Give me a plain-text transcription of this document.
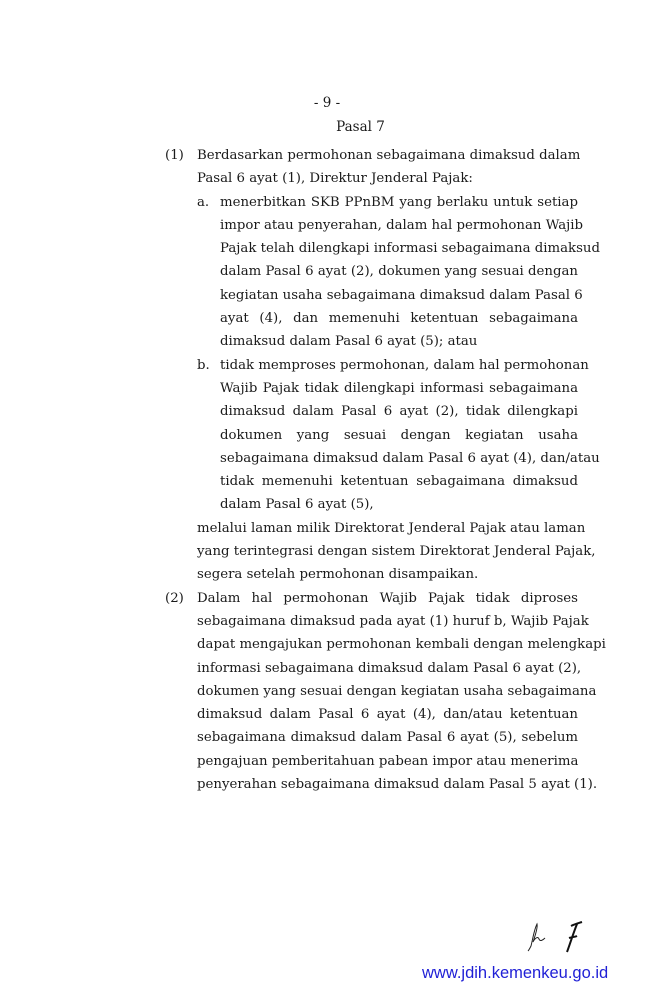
- 9 -
Pasal 7
(1) Berdasarkan permohonan sebagaimana dimaksud dalam
Pasal 6 ayat (1), Direktur Jenderal Pajak:
a. menerbitkan SKB PPnBM yang berlaku untuk setiap
impor atau penyerahan, dalam hal permohonan Wajib
Pajak telah dilengkapi informasi sebagaimana dimaksud
dalam Pasal 6 ayat (2), dokumen yang sesuai dengan
kegiatan usaha sebagaimana dimaksud dalam Pasal 6
ayat (4), dan memenuhi ketentuan sebagaimana
dimaksud dalam Pasal 6 ayat (5); atau
b. tidak memproses permohonan, dalam hal permohonan
Wajib Pajak tidak dilengkapi informasi sebagaimana
dimaksud dalam Pasal 6 ayat (2), tidak dilengkapi
dokumen yang sesuai dengan kegiatan usaha
sebagaimana dimaksud dalam Pasal 6 ayat (4), dan/atau
tidak memenuhi ketentuan sebagaimana dimaksud
dalam Pasal 6 ayat (5),
melalui laman milik Direktorat Jenderal Pajak atau laman
yang terintegrasi dengan sistem Direktorat Jenderal Pajak,
segera setelah permohonan disampaikan.
(2) Dalam hal permohonan Wajib Pajak tidak diproses
sebagaimana dimaksud pada ayat (1) huruf b, Wajib Pajak
dapat mengajukan permohonan kembali dengan melengkapi
informasi sebagaimana dimaksud dalam Pasal 6 ayat (2),
dokumen yang sesuai dengan kegiatan usaha sebagaimana
dimaksud dalam Pasal 6 ayat (4), dan/atau ketentuan
sebagaimana dimaksud dalam Pasal 6 ayat (5), sebelum
pengajuan pemberitahuan pabean impor atau menerima
penyerahan sebagaimana dimaksud dalam Pasal 5 ayat (1).
www.jdih.kemenkeu.go.id
